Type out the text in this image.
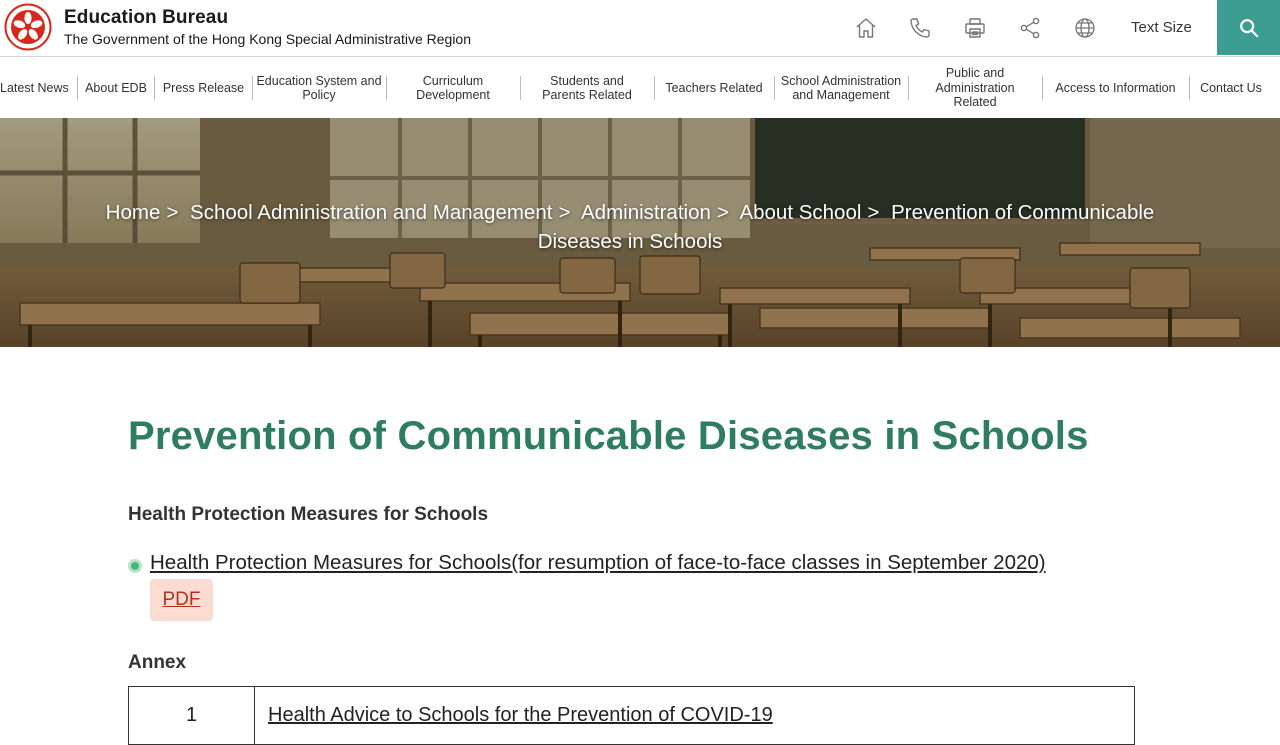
Education Bureau
The Government of the Hong Kong Special Administrative Region
Text Size
Latest News	About EDB	Press Release
Education System and Policy
Curriculum Development
Students and Parents Related
Teachers Related
School Administration and Management
Public and Administration Related
Access to Information	Contact Us
Home > School Administration and Management > Administration > About School > Prevention of Communicable Diseases in Schools
Prevention of Communicable Diseases in Schools
Health Protection Measures for Schools
Health Protection Measures for Schools(for resumption of face-to-face classes in September 2020)
PDF
Annex
1	Health Advice to Schools for the Prevention of COVID-19
